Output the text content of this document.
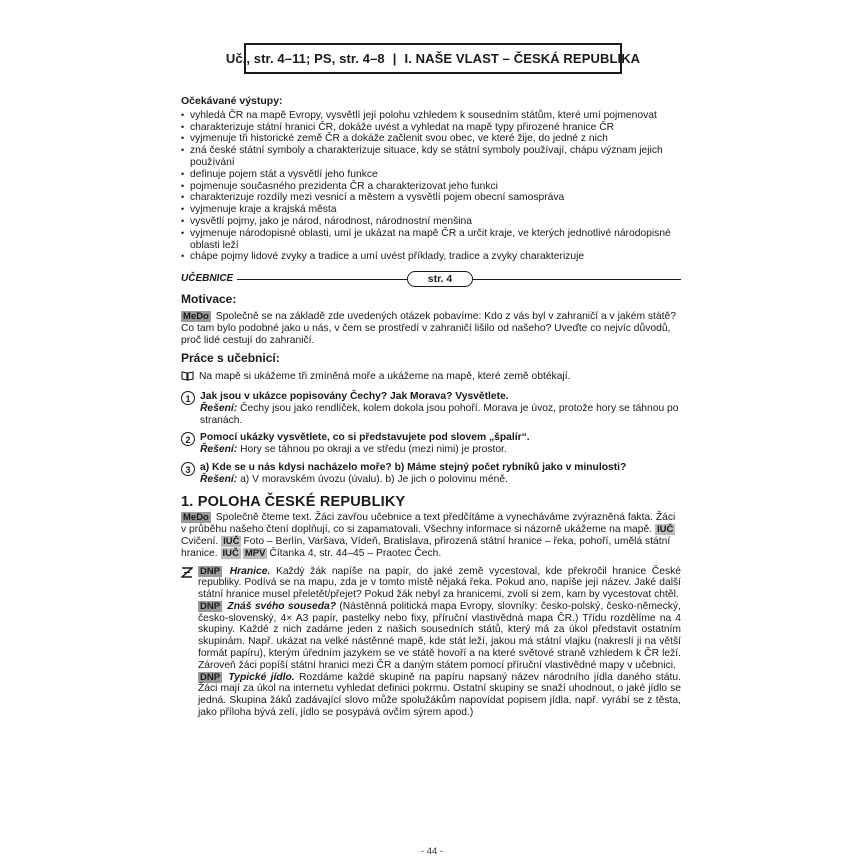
Uč., str. 4–11; PS, str. 4–8 | I. NAŠE VLAST – ČESKÁ REPUBLIKA
Očekávané výstupy:
• vyhledá ČR na mapě Evropy, vysvětlí její polohu vzhledem k sousedním státům, které umí pojmenovat
• charakterizuje státní hranici ČR, dokáže uvést a vyhledat na mapě typy přirozené hranice ČR
• vyjmenuje tři historické země ČR a dokáže začlenit svou obec, ve které žije, do jedné z nich
• zná české státní symboly a charakterizuje situace, kdy se státní symboly používají, chápu význam jejich používání
• definuje pojem stát a vysvětlí jeho funkce
• pojmenuje současného prezidenta ČR a charakterizovat jeho funkci
• charakterizuje rozdíly mezi vesnicí a městem a vysvětlí pojem obecní samospráva
• vyjmenuje kraje a krajská města
• vysvětlí pojmy, jako je národ, národnost, národnostní menšina
• vyjmenuje národopisné oblasti, umí je ukázat na mapě ČR a určit kraje, ve kterých jednotlivé národopisné oblasti leží
• chápe pojmy lidové zvyky a tradice a umí uvést příklady, tradice a zvyky charakterizuje
UČEBNICE	str. 4
Motivace:

MeDo Společně se na základě zde uvedených otázek pobavíme: Kdo z vás byl v zahraničí a v jakém státě? Co tam bylo podobné jako u nás, v čem se prostředí v zahraničí lišilo od našeho? Uveďte co nejvíc důvodů, proč lidé cestují do zahraničí.

Práce s učebnicí:
Na mapě si ukážeme tři zmíněná moře a ukážeme na mapě, které země obtékají.
1 Jak jsou v ukázce popisovány Čechy? Jak Morava? Vysvětlete.
Řešení: Čechy jsou jako rendlíček, kolem dokola jsou pohoří. Morava je úvoz, protože hory se táhnou po stranách.
2 Pomocí ukázky vysvětlete, co si představujete pod slovem „špalír“.
Řešení: Hory se táhnou po okraji a ve středu (mezi nimi) je prostor.
3 a) Kde se u nás kdysi nacházelo moře? b) Máme stejný počet rybníků jako v minulosti?
Řešení: a) V moravském úvozu (úvalu). b) Je jich o polovinu méně.
1. POLOHA ČESKÉ REPUBLIKY

MeDo Společně čteme text. Žáci zavřou učebnice a text předčítáme a vynecháváme zvýrazněná fakta. Žáci v průběhu našeho čtení doplňují, co si zapamatovali. Všechny informace si názorně ukážeme na mapě. IUČCvičení. IUČ Foto – Berlín, Varšava, Vídeň, Bratislava, přirozená státní hranice – řeka, pohoří, umělá státní hranice. IUČ MPV Čítanka 4, str. 44–45 – Praotec Čech.

DNP Hranice. Každý žák napíše na papír, do jaké země vycestoval, kde překročil hranice České republiky. Podívá se na mapu, zda je v tomto místě nějaká řeka. Pokud ano, napíše její název. Jaké další státní hranice musel přeletět/přejet? Pokud žák nebyl za hranicemi, zvolí si zem, kam by vycestovat chtěl.
DNP Znáš svého souseda? (Nástěnná politická mapa Evropy, slovníky: česko-polský, česko-německý, česko-slovenský, 4× A3 papír, pastelky nebo fixy, příruční vlastivědná mapa ČR.) Třídu rozdělíme na 4 skupiny. Každé z nich zadáme jeden z našich sousedních států, který má za úkol představit ostatním skupinám. Např. ukázat na velké nástěnné mapě, kde stát leží, jakou má státní vlajku (nakreslí ji na větší formát papíru), kterým úředním jazykem se ve státě hovoří a na které světové straně vzhledem k ČR leží. Zároveň žáci popíší státní hranici mezi ČR a daným státem pomocí příruční vlastivědné mapy v učebnici.
DNP Typické jídlo. Rozdáme každé skupině na papíru napsaný název národního jídla daného státu. Žáci mají za úkol na internetu vyhledat definici pokrmu. Ostatní skupiny se snaží uhodnout, o jaké jídlo se jedná. Skupina žáků zadávající slovo může spolužákům napovídat popisem jídla, např. vyrábí se z těsta, jako příloha bývá zelí, jídlo se posypává ovčím sýrem apod.)
- 44 -
